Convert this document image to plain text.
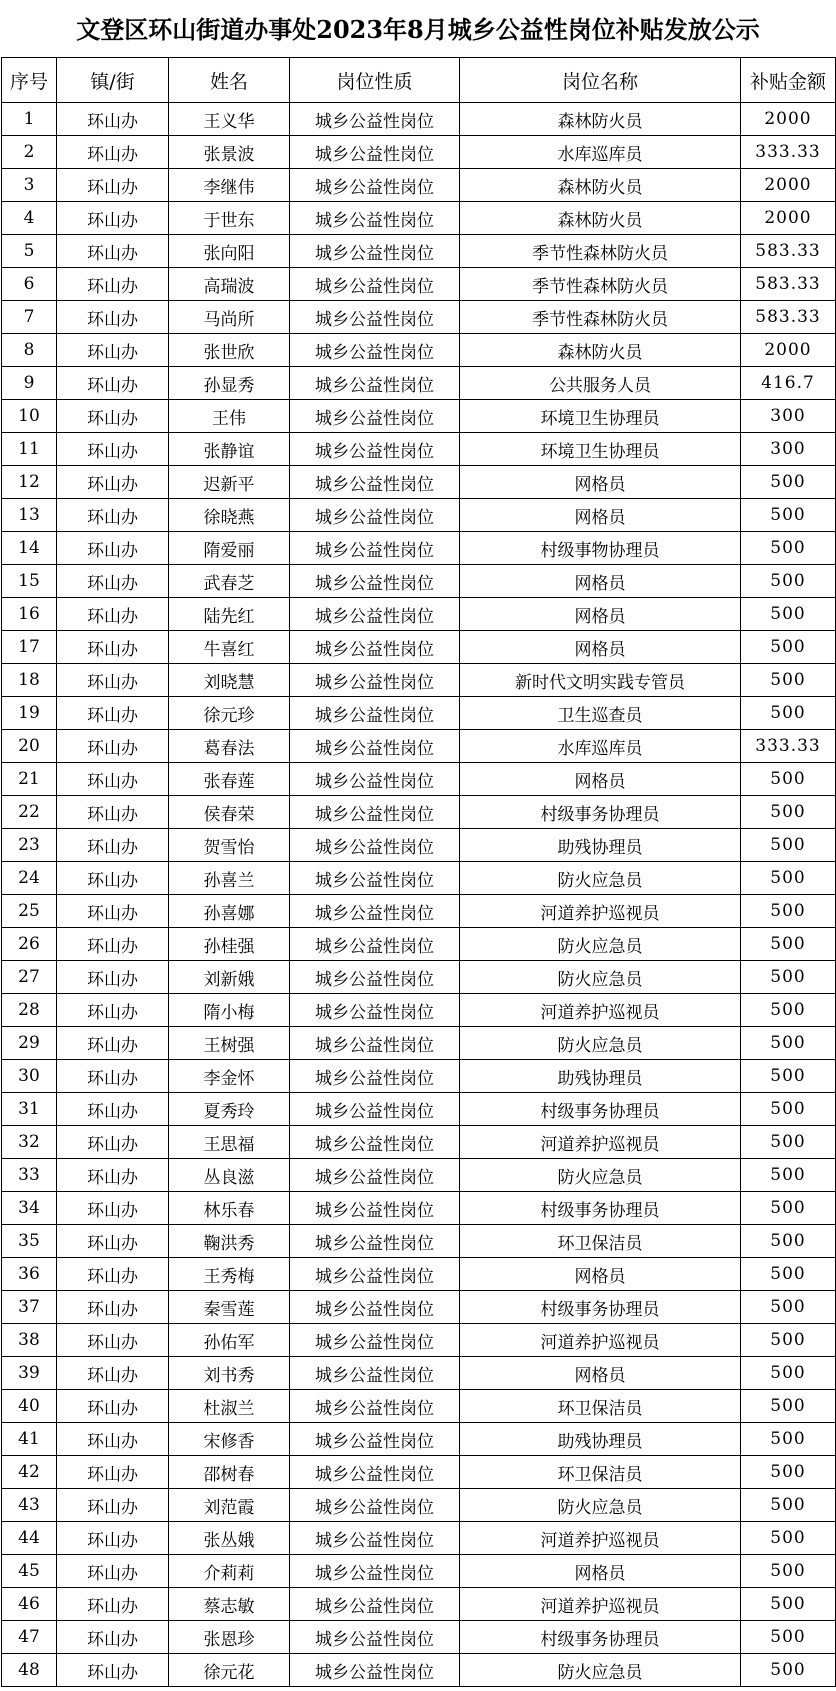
文登区环山街道办事处2023年8月城乡公益性岗位补贴发放公示
序号	镇/街	姓名	岗位性质	岗位名称	补贴金额
1	环山办	王义华	城乡公益性岗位	森林防火员	2000
2	环山办	张景波	城乡公益性岗位	水库巡库员	333.33
3	环山办	李继伟	城乡公益性岗位	森林防火员	2000
4	环山办	于世东	城乡公益性岗位	森林防火员	2000
5	环山办	张向阳	城乡公益性岗位	季节性森林防火员	583.33
6	环山办	高瑞波	城乡公益性岗位	季节性森林防火员	583.33
7	环山办	马尚所	城乡公益性岗位	季节性森林防火员	583.33
8	环山办	张世欣	城乡公益性岗位	森林防火员	2000
9	环山办	孙显秀	城乡公益性岗位	公共服务人员	416.7
10	环山办	王伟	城乡公益性岗位	环境卫生协理员	300
11	环山办	张静谊	城乡公益性岗位	环境卫生协理员	300
12	环山办	迟新平	城乡公益性岗位	网格员	500
13	环山办	徐晓燕	城乡公益性岗位	网格员	500
14	环山办	隋爱丽	城乡公益性岗位	村级事物协理员	500
15	环山办	武春芝	城乡公益性岗位	网格员	500
16	环山办	陆先红	城乡公益性岗位	网格员	500
17	环山办	牛喜红	城乡公益性岗位	网格员	500
18	环山办	刘晓慧	城乡公益性岗位	新时代文明实践专管员	500
19	环山办	徐元珍	城乡公益性岗位	卫生巡查员	500
20	环山办	葛春法	城乡公益性岗位	水库巡库员	333.33
21	环山办	张春莲	城乡公益性岗位	网格员	500
22	环山办	侯春荣	城乡公益性岗位	村级事务协理员	500
23	环山办	贺雪怡	城乡公益性岗位	助残协理员	500
24	环山办	孙喜兰	城乡公益性岗位	防火应急员	500
25	环山办	孙喜娜	城乡公益性岗位	河道养护巡视员	500
26	环山办	孙桂强	城乡公益性岗位	防火应急员	500
27	环山办	刘新娥	城乡公益性岗位	防火应急员	500
28	环山办	隋小梅	城乡公益性岗位	河道养护巡视员	500
29	环山办	王树强	城乡公益性岗位	防火应急员	500
30	环山办	李金怀	城乡公益性岗位	助残协理员	500
31	环山办	夏秀玲	城乡公益性岗位	村级事务协理员	500
32	环山办	王思福	城乡公益性岗位	河道养护巡视员	500
33	环山办	丛良滋	城乡公益性岗位	防火应急员	500
34	环山办	林乐春	城乡公益性岗位	村级事务协理员	500
35	环山办	鞠洪秀	城乡公益性岗位	环卫保洁员	500
36	环山办	王秀梅	城乡公益性岗位	网格员	500
37	环山办	秦雪莲	城乡公益性岗位	村级事务协理员	500
38	环山办	孙佑军	城乡公益性岗位	河道养护巡视员	500
39	环山办	刘书秀	城乡公益性岗位	网格员	500
40	环山办	杜淑兰	城乡公益性岗位	环卫保洁员	500
41	环山办	宋修香	城乡公益性岗位	助残协理员	500
42	环山办	邵树春	城乡公益性岗位	环卫保洁员	500
43	环山办	刘范霞	城乡公益性岗位	防火应急员	500
44	环山办	张丛娥	城乡公益性岗位	河道养护巡视员	500
45	环山办	介莉莉	城乡公益性岗位	网格员	500
46	环山办	蔡志敏	城乡公益性岗位	河道养护巡视员	500
47	环山办	张恩珍	城乡公益性岗位	村级事务协理员	500
48	环山办	徐元花	城乡公益性岗位	防火应急员	500
